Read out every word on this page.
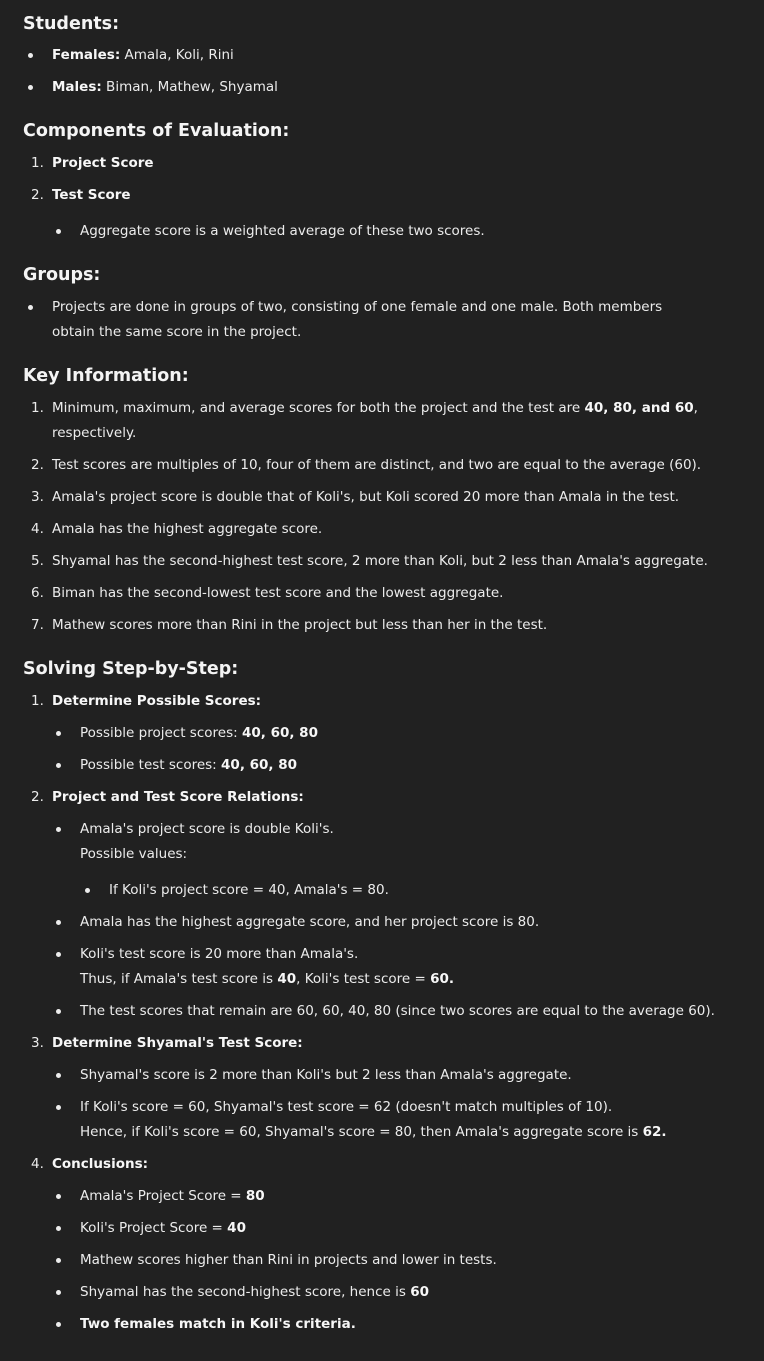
Students:
Females: Amala, Koli, Rini
Males: Biman, Mathew, Shyamal
Components of Evaluation:
1. Project Score
2. Test Score
Aggregate score is a weighted average of these two scores.
Groups:
Projects are done in groups of two, consisting of one female and one male. Both members
obtain the same score in the project.
Key Information:
1. Minimum, maximum, and average scores for both the project and the test are 40, 80, and 60,
respectively.
2. Test scores are multiples of 10, four of them are distinct, and two are equal to the average (60).
3. Amala's project score is double that of Koli's, but Koli scored 20 more than Amala in the test.
4. Amala has the highest aggregate score.
5. Shyamal has the second-highest test score, 2 more than Koli, but 2 less than Amala's aggregate.
6. Biman has the second-lowest test score and the lowest aggregate.
7. Mathew scores more than Rini in the project but less than her in the test.
Solving Step-by-Step:
1. Determine Possible Scores:
Possible project scores: 40, 60, 80
Possible test scores: 40, 60, 80
2. Project and Test Score Relations:
Amala's project score is double Koli's.
Possible values:
If Koli's project score = 40, Amala's = 80.
Amala has the highest aggregate score, and her project score is 80.
Koli's test score is 20 more than Amala's.
Thus, if Amala's test score is 40, Koli's test score = 60.
The test scores that remain are 60, 60, 40, 80 (since two scores are equal to the average 60).
3. Determine Shyamal's Test Score:
Shyamal's score is 2 more than Koli's but 2 less than Amala's aggregate.
If Koli's score = 60, Shyamal's test score = 62 (doesn't match multiples of 10).
Hence, if Koli's score = 60, Shyamal's score = 80, then Amala's aggregate score is 62.
4. Conclusions:
Amala's Project Score = 80
Koli's Project Score = 40
Mathew scores higher than Rini in projects and lower in tests.
Shyamal has the second-highest score, hence is 60
Two females match in Koli's criteria.
